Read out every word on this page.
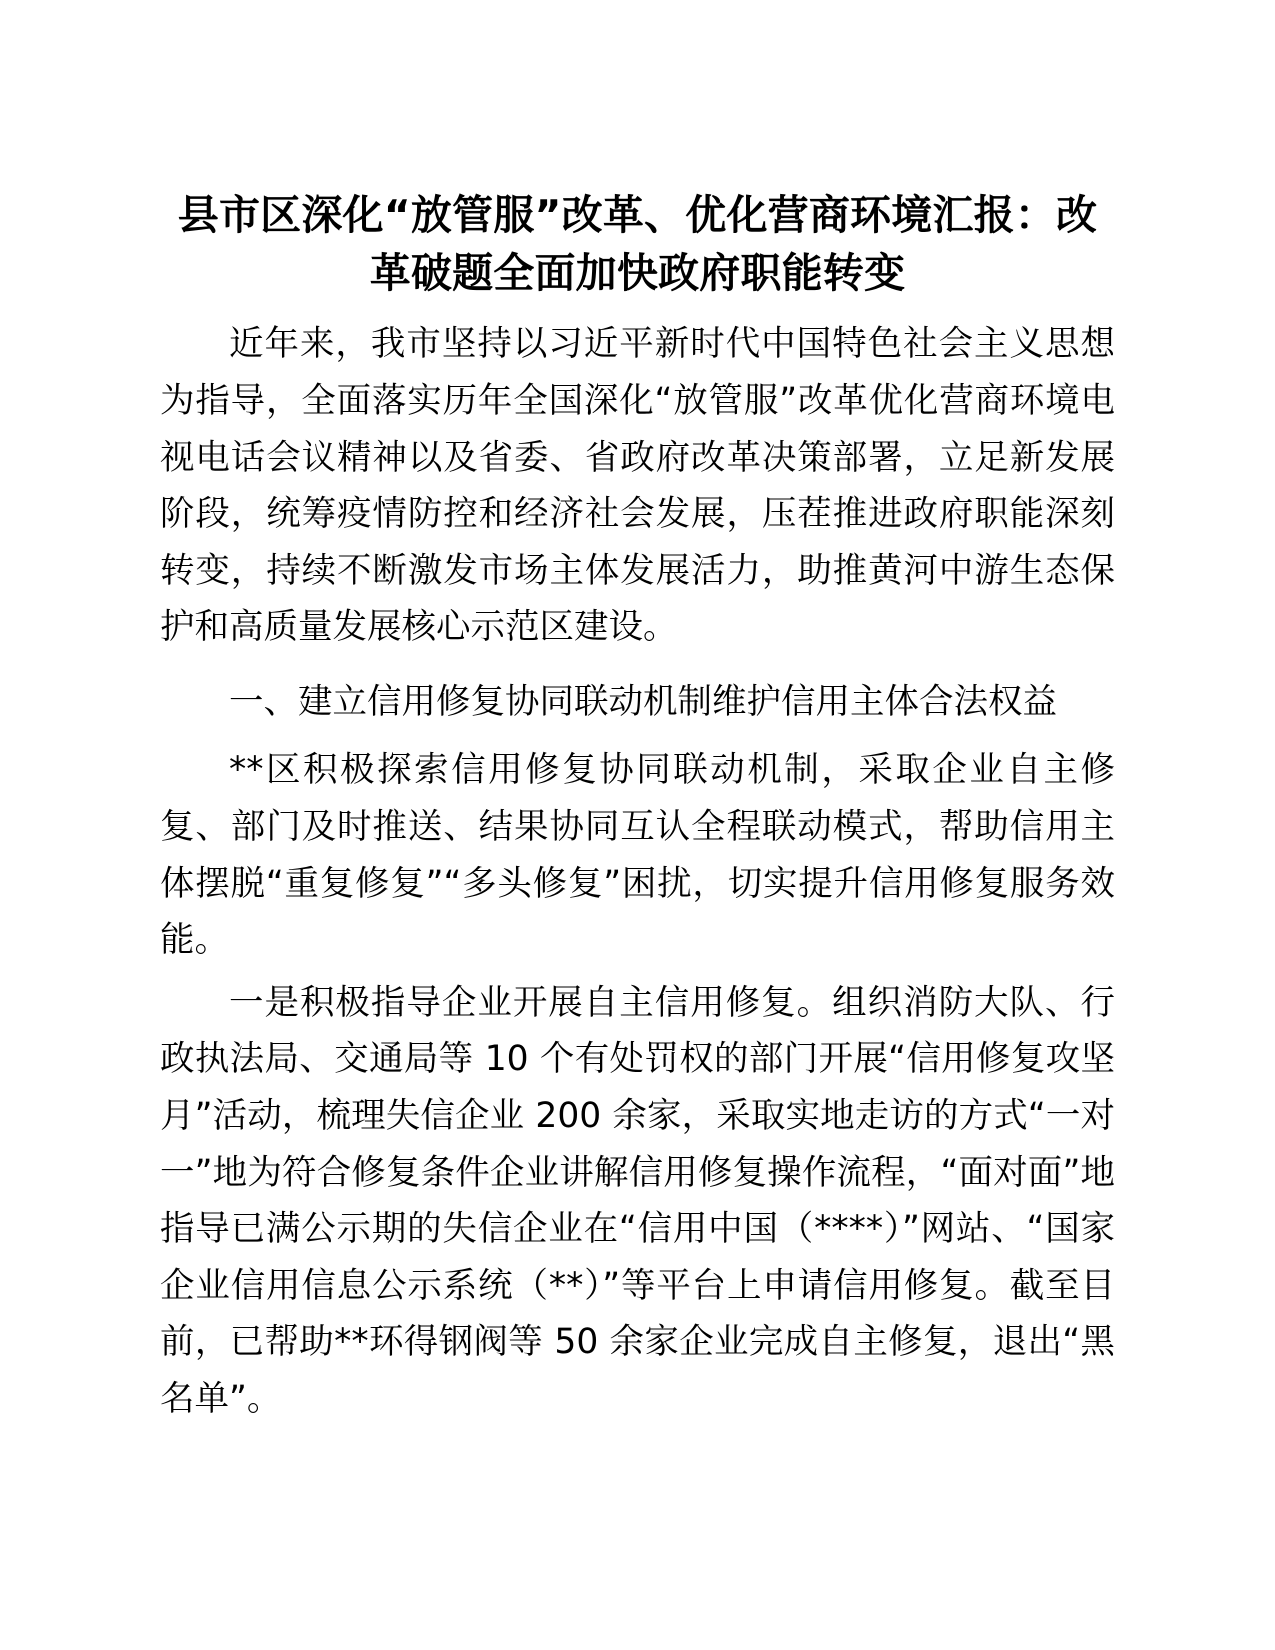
县市区深化“放管服”改革、优化营商环境汇报：改革破题全面加快政府职能转变

近年来，我市坚持以习近平新时代中国特色社会主义思想为指导，全面落实历年全国深化“放管服”改革优化营商环境电视电话会议精神以及省委、省政府改革决策部署，立足新发展阶段，统筹疫情防控和经济社会发展，压茬推进政府职能深刻转变，持续不断激发市场主体发展活力，助推黄河中游生态保护和高质量发展核心示范区建设。

一、建立信用修复协同联动机制维护信用主体合法权益

**区积极探索信用修复协同联动机制，采取企业自主修复、部门及时推送、结果协同互认全程联动模式，帮助信用主体摆脱“重复修复”“多头修复”困扰，切实提升信用修复服务效能。

一是积极指导企业开展自主信用修复。组织消防大队、行政执法局、交通局等 10 个有处罚权的部门开展“信用修复攻坚月”活动，梳理失信企业 200 余家，采取实地走访的方式“一对一”地为符合修复条件企业讲解信用修复操作流程，“面对面”地指导已满公示期的失信企业在“信用中国（****）”网站、“国家企业信用信息公示系统（**）”等平台上申请信用修复。截至目前，已帮助**环得钢阀等 50 余家企业完成自主修复，退出“黑名单”。
